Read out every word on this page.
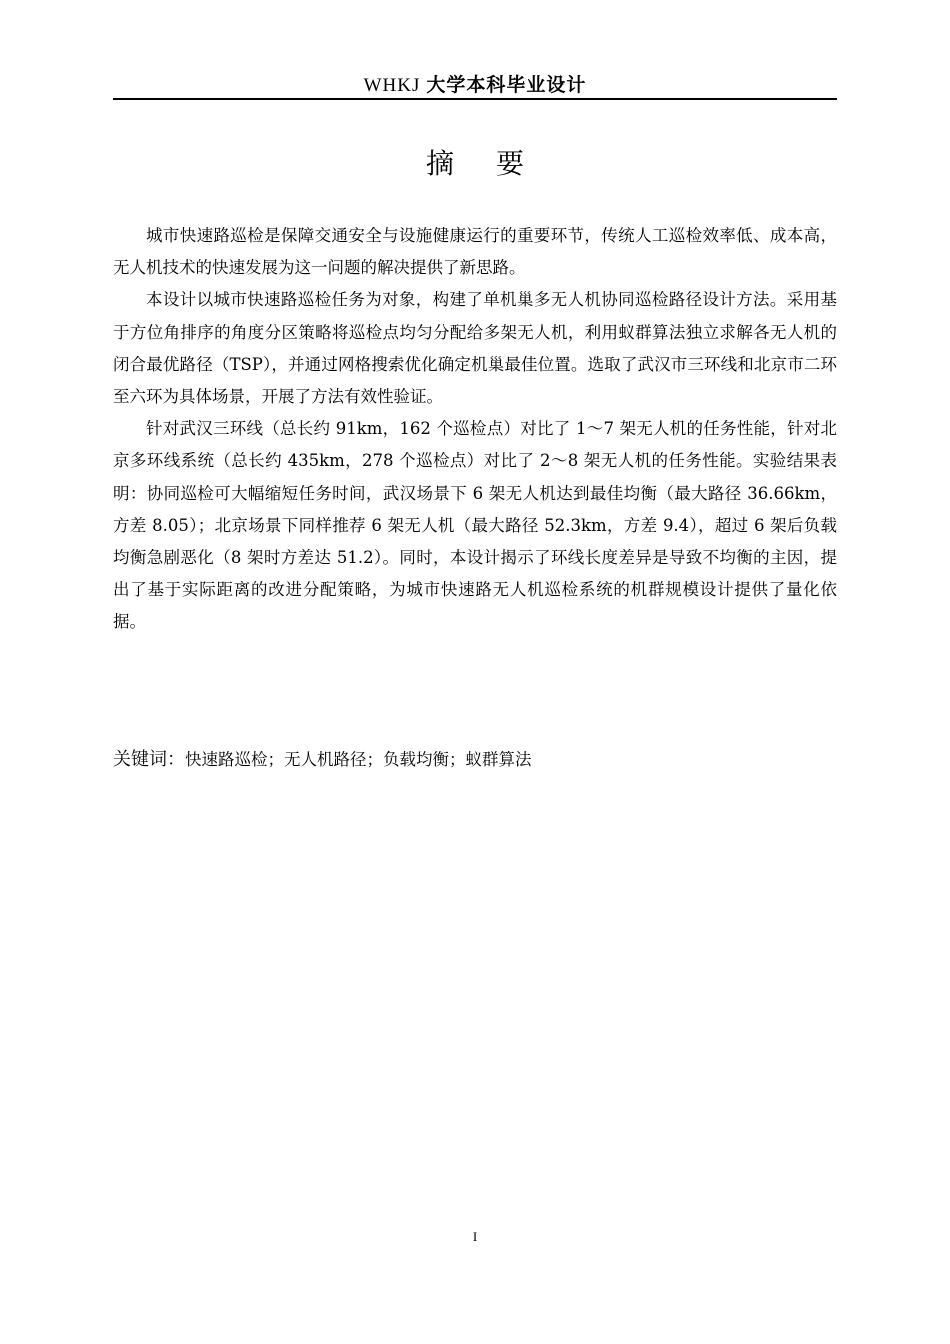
WHKJ 大学本科毕业设计
摘要

城市快速路巡检是保障交通安全与设施健康运行的重要环节，传统人工巡检效率低、成本高，无人机技术的快速发展为这一问题的解决提供了新思路。

本设计以城市快速路巡检任务为对象，构建了单机巢多无人机协同巡检路径设计方法。采用基于方位角排序的角度分区策略将巡检点均匀分配给多架无人机，利用蚁群算法独立求解各无人机的闭合最优路径（TSP），并通过网格搜索优化确定机巢最佳位置。选取了武汉市三环线和北京市二环至六环为具体场景，开展了方法有效性验证。

针对武汉三环线（总长约 91km，162 个巡检点）对比了 1～7 架无人机的任务性能，针对北京多环线系统（总长约 435km，278 个巡检点）对比了 2～8 架无人机的任务性能。实验结果表明：协同巡检可大幅缩短任务时间，武汉场景下 6 架无人机达到最佳均衡（最大路径 36.66km，方差 8.05）；北京场景下同样推荐 6 架无人机（最大路径 52.3km，方差 9.4），超过 6 架后负载均衡急剧恶化（8 架时方差达 51.2）。同时，本设计揭示了环线长度差异是导致不均衡的主因，提出了基于实际距离的改进分配策略，为城市快速路无人机巡检系统的机群规模设计提供了量化依据。

关键词：快速路巡检；无人机路径；负载均衡；蚁群算法
I
